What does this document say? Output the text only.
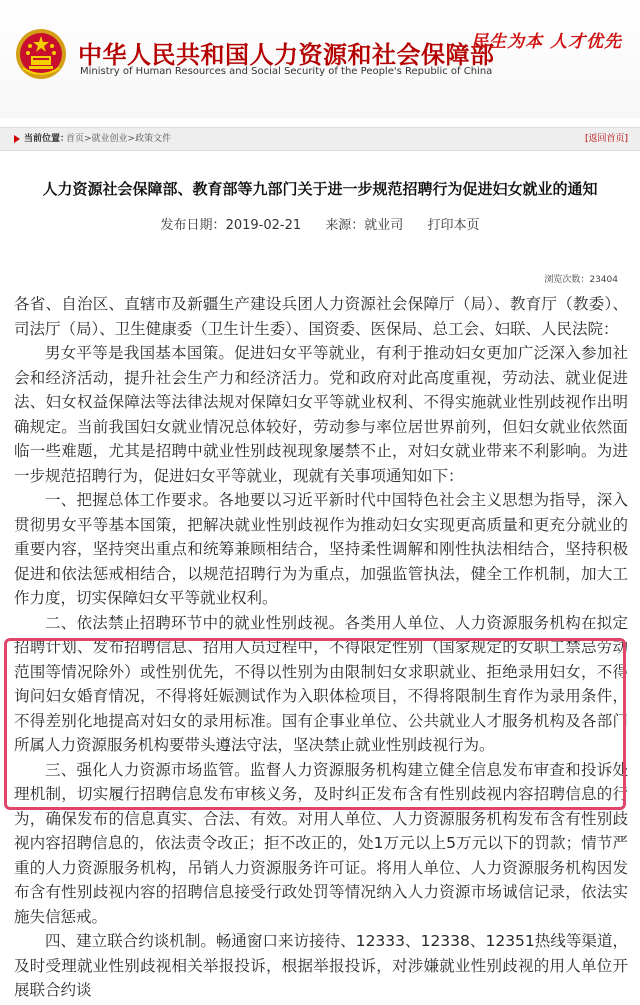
中华人民共和国人力资源和社会保障部
Ministry of Human Resources and Social Security of the People's Republic of China
民生为本 人才优先
当前位置：
首页>就业创业>政策文件	[返回首页]
人力资源社会保障部、教育部等九部门关于进一步规范招聘行为促进妇女就业的通知
发布日期：2019-02-21 来源：就业司 打印本页
浏览次数：23404

各省、自治区、直辖市及新疆生产建设兵团人力资源社会保障厅（局）、教育厅（教委）、司法厅（局）、卫生健康委（卫生计生委）、国资委、医保局、总工会、妇联、人民法院：

男女平等是我国基本国策。促进妇女平等就业，有利于推动妇女更加广泛深入参加社会和经济活动，提升社会生产力和经济活力。党和政府对此高度重视，劳动法、就业促进法、妇女权益保障法等法律法规对保障妇女平等就业权利、不得实施就业性别歧视作出明确规定。当前我国妇女就业情况总体较好，劳动参与率位居世界前列，但妇女就业依然面临一些难题，尤其是招聘中就业性别歧视现象屡禁不止，对妇女就业带来不利影响。为进一步规范招聘行为，促进妇女平等就业，现就有关事项通知如下：

一、把握总体工作要求。各地要以习近平新时代中国特色社会主义思想为指导，深入贯彻男女平等基本国策，把解决就业性别歧视作为推动妇女实现更高质量和更充分就业的重要内容，坚持突出重点和统筹兼顾相结合，坚持柔性调解和刚性执法相结合，坚持积极促进和依法惩戒相结合，以规范招聘行为为重点，加强监管执法，健全工作机制，加大工作力度，切实保障妇女平等就业权利。

二、依法禁止招聘环节中的就业性别歧视。各类用人单位、人力资源服务机构在拟定招聘计划、发布招聘信息、招用人员过程中，不得限定性别（国家规定的女职工禁忌劳动范围等情况除外）或性别优先，不得以性别为由限制妇女求职就业、拒绝录用妇女，不得询问妇女婚育情况，不得将妊娠测试作为入职体检项目，不得将限制生育作为录用条件，不得差别化地提高对妇女的录用标准。国有企事业单位、公共就业人才服务机构及各部门所属人力资源服务机构要带头遵法守法，坚决禁止就业性别歧视行为。

三、强化人力资源市场监管。监督人力资源服务机构建立健全信息发布审查和投诉处理机制，切实履行招聘信息发布审核义务，及时纠正发布含有性别歧视内容招聘信息的行为，确保发布的信息真实、合法、有效。对用人单位、人力资源服务机构发布含有性别歧视内容招聘信息的，依法责令改正；拒不改正的，处1万元以上5万元以下的罚款；情节严重的人力资源服务机构，吊销人力资源服务许可证。将用人单位、人力资源服务机构因发布含有性别歧视内容的招聘信息接受行政处罚等情况纳入人力资源市场诚信记录，依法实施失信惩戒。

四、建立联合约谈机制。畅通窗口来访接待、12333、12338、12351热线等渠道，及时受理就业性别歧视相关举报投诉，根据举报投诉，对涉嫌就业性别歧视的用人单位开展联合约谈
